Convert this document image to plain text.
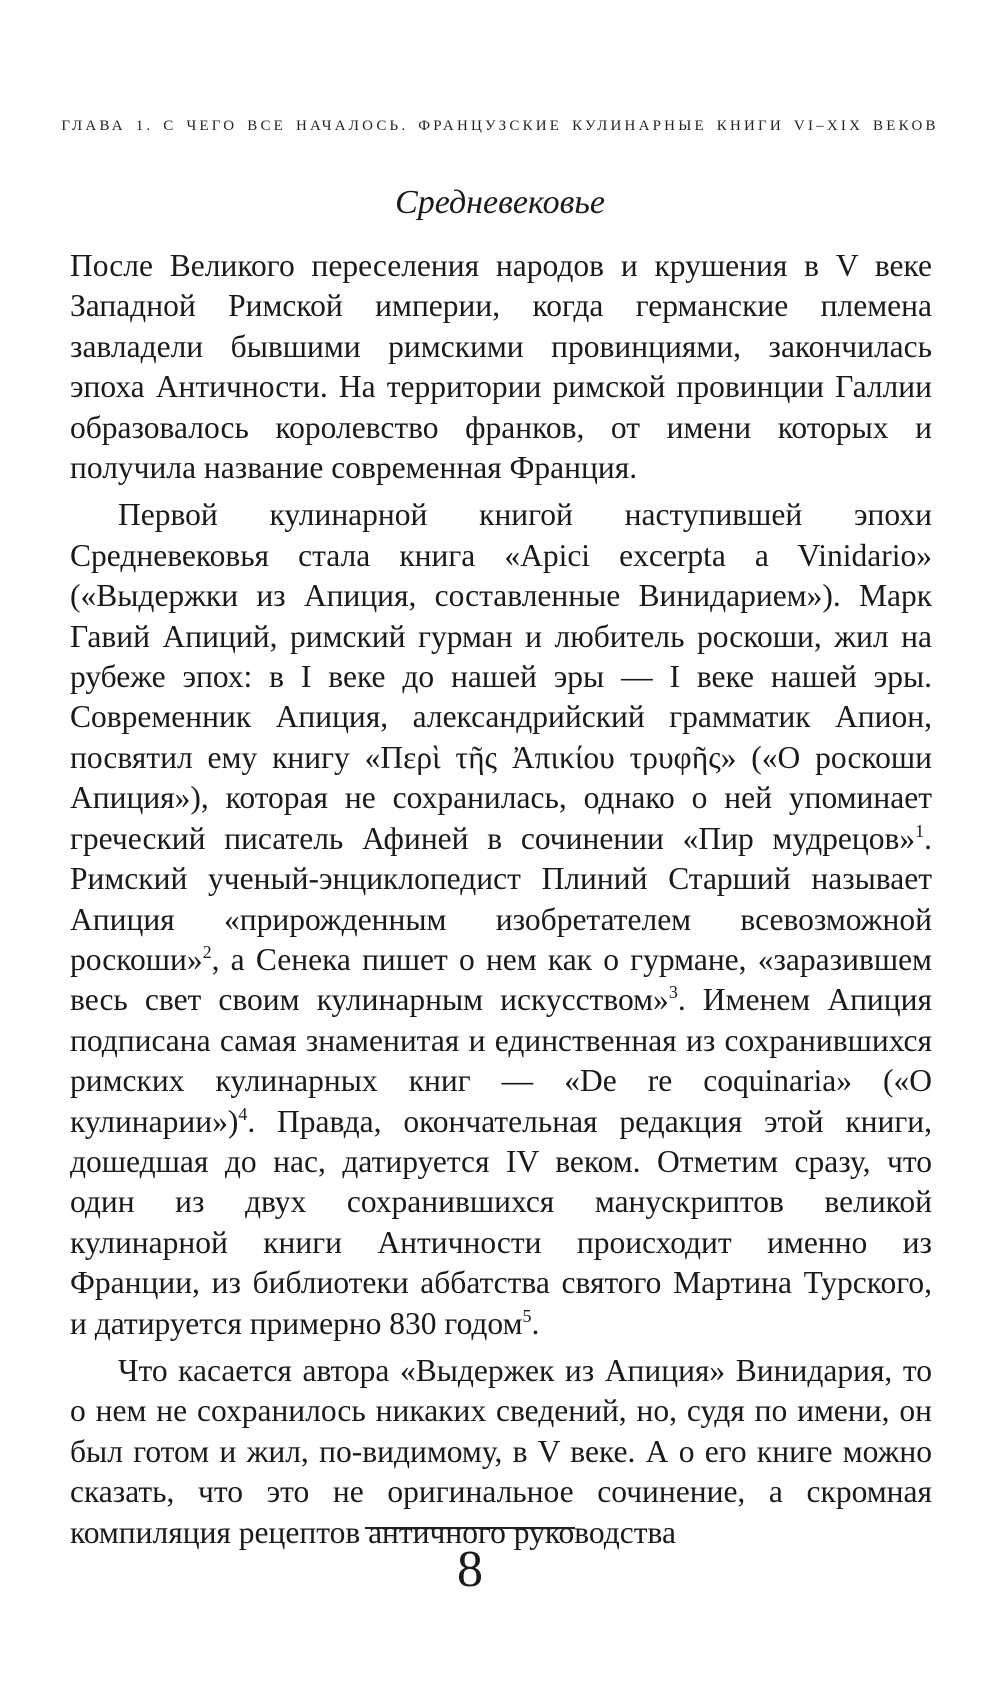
ГЛАВА 1. С ЧЕГО ВСЕ НАЧАЛОСЬ. ФРАНЦУЗСКИЕ КУЛИНАРНЫЕ КНИГИ VI–XIX ВЕКОВ
Средневековье

После Великого переселения народов и крушения в V веке Западной Римской империи, когда германские племена завладели бывшими римскими провинциями, закончилась эпоха Античности. На территории римской провинции Галлии образовалось королевство франков, от имени которых и получила название современная Франция.

Первой кулинарной книгой наступившей эпохи Средневековья стала книга «Apici excerpta a Vinidario» («Выдержки из Апиция, составленные Винидарием»). Марк Гавий Апиций, римский гурман и любитель роскоши, жил на рубеже эпох: в I веке до нашей эры — I веке нашей эры. Современник Апиция, александрийский грамматик Апион, посвятил ему книгу «Περὶ τῆς Ἀπικίου τρυφῆς» («О роскоши Апиция»), которая не сохранилась, однако о ней упоминает греческий писатель Афиней в сочинении «Пир мудрецов»$^1$. Римский ученый-энциклопедист Плиний Старший называет Апиция «прирожденным изобретателем всевозможной роскоши»$^2$, а Сенека пишет о нем как о гурмане, «заразившем весь свет своим кулинарным искусством»$^3$. Именем Апиция подписана самая знаменитая и единственная из сохранившихся римских кулинарных книг — «De re coquinaria» («О кулинарии»)$^4$. Правда, окончательная редакция этой книги, дошедшая до нас, датируется IV веком. Отметим сразу, что один из двух сохранившихся манускриптов великой кулинарной книги Античности происходит именно из Франции, из библиотеки аббатства святого Мартина Турского, и датируется примерно 830 годом$^5$.

Что касается автора «Выдержек из Апиция» Винидария, то о нем не сохранилось никаких сведений, но, судя по имени, он был готом и жил, по-видимому, в V веке. А о его книге можно сказать, что это не оригинальное сочинение, а скромная компиляция рецептов античного руководства

8
